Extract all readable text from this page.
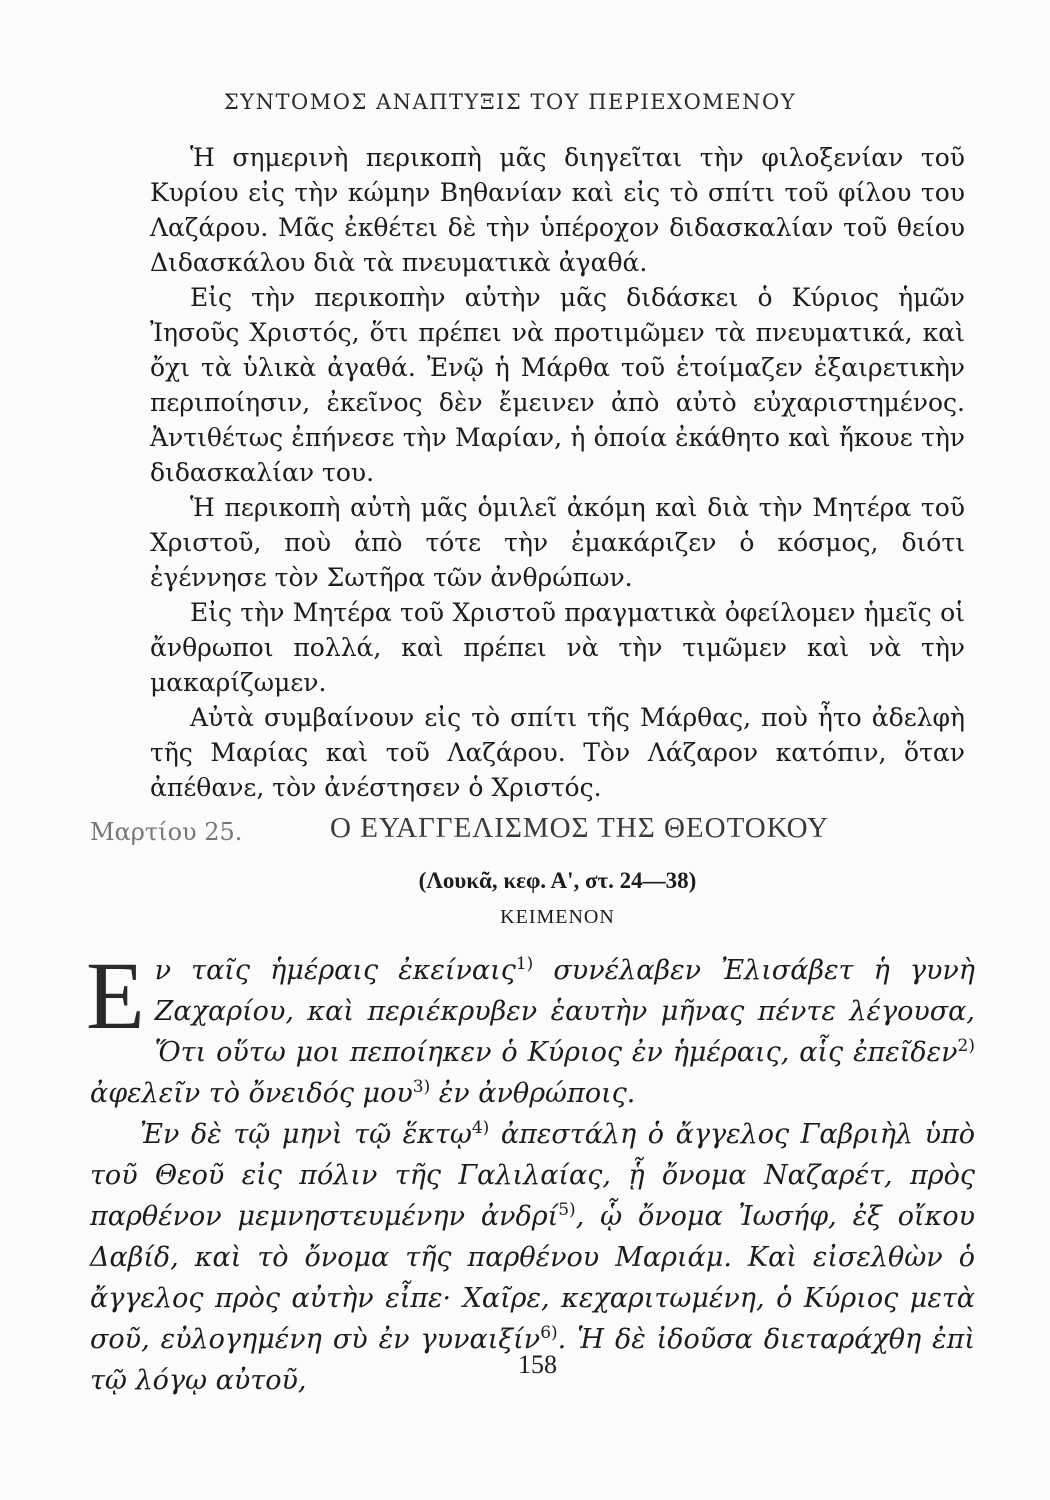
ΣΥΝΤΟΜΟΣ ΑΝΑΠΤΥΞΙΣ ΤΟΥ ΠΕΡΙΕΧΟΜΕΝΟΥ

Ἡ σημερινὴ περικοπὴ μᾶς διηγεῖται τὴν φιλοξενίαν τοῦ Κυρίου εἰς τὴν κώμην Βηθανίαν καὶ εἰς τὸ σπίτι τοῦ φίλου του Λαζάρου. Μᾶς ἐκθέτει δὲ τὴν ὑπέροχον διδασκαλίαν τοῦ θείου Διδασκάλου διὰ τὰ πνευματικὰ ἀγαθά.

Εἰς τὴν περικοπὴν αὐτὴν μᾶς διδάσκει ὁ Κύριος ἡμῶν Ἰησοῦς Χριστός, ὅτι πρέπει νὰ προτιμῶμεν τὰ πνευματικά, καὶ ὄχι τὰ ὑλικὰ ἀγαθά. Ἐνῷ ἡ Μάρθα τοῦ ἑτοίμαζεν ἐξαιρετικὴν περιποίησιν, ἐκεῖνος δὲν ἔμεινεν ἀπὸ αὐτὸ εὐχαριστημένος. Ἀντιθέτως ἐπήνεσε τὴν Μαρίαν, ἡ ὁποία ἐκάθητο καὶ ἤκουε τὴν διδασκαλίαν του.

Ἡ περικοπὴ αὐτὴ μᾶς ὁμιλεῖ ἀκόμη καὶ διὰ τὴν Μητέρα τοῦ Χριστοῦ, ποὺ ἀπὸ τότε τὴν ἐμακάριζεν ὁ κόσμος, διότι ἐγέννησε τὸν Σωτῆρα τῶν ἀνθρώπων.

Εἰς τὴν Μητέρα τοῦ Χριστοῦ πραγματικὰ ὀφείλομεν ἡμεῖς οἱ ἄνθρωποι πολλά, καὶ πρέπει νὰ τὴν τιμῶμεν καὶ νὰ τὴν μακαρίζωμεν.

Αὐτὰ συμβαίνουν εἰς τὸ σπίτι τῆς Μάρθας, ποὺ ἦτο ἀδελφὴ τῆς Μαρίας καὶ τοῦ Λαζάρου. Τὸν Λάζαρον κατόπιν, ὅταν ἀπέθανε, τὸν ἀνέστησεν ὁ Χριστός.

Μαρτίου 25.	Ο ΕΥΑΓΓΕΛΙΣΜΟΣ ΤΗΣ ΘΕΟΤΟΚΟΥ
(Λουκᾶ, κεφ. Α', στ. 24—38)
ΚΕΙΜΕΝΟΝ

Εν ταῖς ἡμέραις ἐκείναις$^{1)}$ συνέλαβεν Ἐλισάβετ ἡ γυνὴ Ζαχαρίου, καὶ περιέκρυβεν ἑαυτὴν μῆνας πέντε λέγουσα, Ὅτι οὕτω μοι πεποίηκεν ὁ Κύριος ἐν ἡμέραις, αἷς ἐπεῖδεν$^{2)}$ ἀφελεῖν τὸ ὄνειδός μου$^{3)}$ ἐν ἀνθρώποις.

Ἐν δὲ τῷ μηνὶ τῷ ἕκτῳ$^{4)}$ ἀπεστάλη ὁ ἄγγελος Γαβριὴλ ὑπὸ τοῦ Θεοῦ εἰς πόλιν τῆς Γαλιλαίας, ᾗ ὄνομα Ναζαρέτ, πρὸς παρθένον μεμνηστευμένην ἀνδρί$^{5)}$, ᾧ ὄνομα Ἰωσήφ, ἐξ οἴκου Δαβίδ, καὶ τὸ ὄνομα τῆς παρθένου Μαριάμ. Καὶ εἰσελθὼν ὁ ἄγγελος πρὸς αὐτὴν εἶπε· Χαῖρε, κεχαριτωμένη, ὁ Κύριος μετὰ σοῦ, εὐλογημένη σὺ ἐν γυναιξίν$^{6)}$. Ἡ δὲ ἰδοῦσα διεταράχθη ἐπὶ τῷ λόγῳ αὐτοῦ,

158
